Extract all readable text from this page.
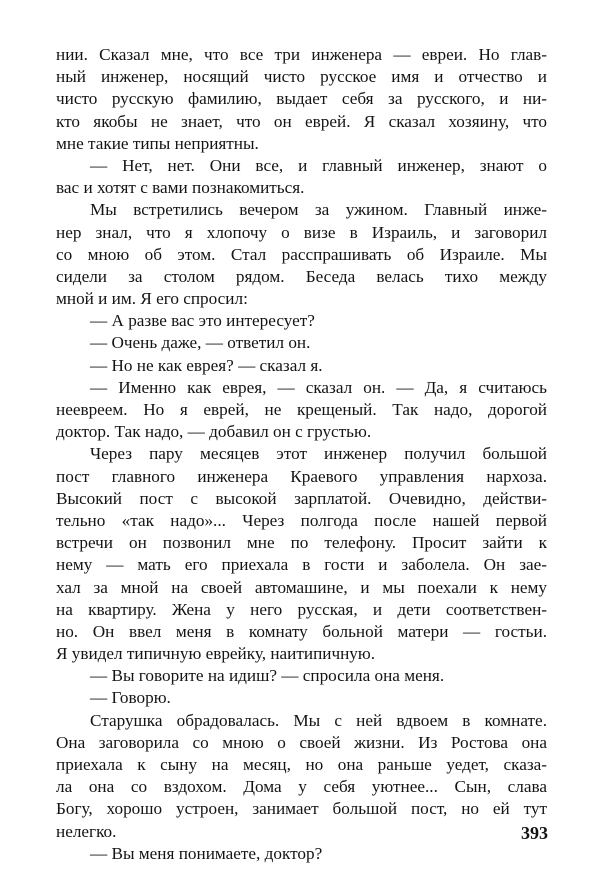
нии. Сказал мне, что все три инженера — евреи. Но глав-
ный инженер, носящий чисто русское имя и отчество и
чисто русскую фамилию, выдает себя за русского, и ни-
кто якобы не знает, что он еврей. Я сказал хозяину, что
мне такие типы неприятны.
— Нет, нет. Они все, и главный инженер, знают о
вас и хотят с вами познакомиться.
Мы встретились вечером за ужином. Главный инже-
нер знал, что я хлопочу о визе в Израиль, и заговорил
со мною об этом. Стал расспрашивать об Израиле. Мы
сидели за столом рядом. Беседа велась тихо между
мной и им. Я его спросил:
— А разве вас это интересует?
— Очень даже, — ответил он.
— Но не как еврея? — сказал я.
— Именно как еврея, — сказал он. — Да, я считаюсь
неевреем. Но я еврей, не крещеный. Так надо, дорогой
доктор. Так надо, — добавил он с грустью.
Через пару месяцев этот инженер получил большой
пост главного инженера Краевого управления нархоза.
Высокий пост с высокой зарплатой. Очевидно, действи-
тельно «так надо»... Через полгода после нашей первой
встречи он позвонил мне по телефону. Просит зайти к
нему — мать его приехала в гости и заболела. Он зае-
хал за мной на своей автомашине, и мы поехали к нему
на квартиру. Жена у него русская, и дети соответствен-
но. Он ввел меня в комнату больной матери — гостьи.
Я увидел типичную еврейку, наитипичную.
— Вы говорите на идиш? — спросила она меня.
— Говорю.
Старушка обрадовалась. Мы с ней вдвоем в комнате.
Она заговорила со мною о своей жизни. Из Ростова она
приехала к сыну на месяц, но она раньше уедет, сказа-
ла она со вздохом. Дома у себя уютнее... Сын, слава
Богу, хорошо устроен, занимает большой пост, но ей тут
нелегко.
— Вы меня понимаете, доктор?
393
